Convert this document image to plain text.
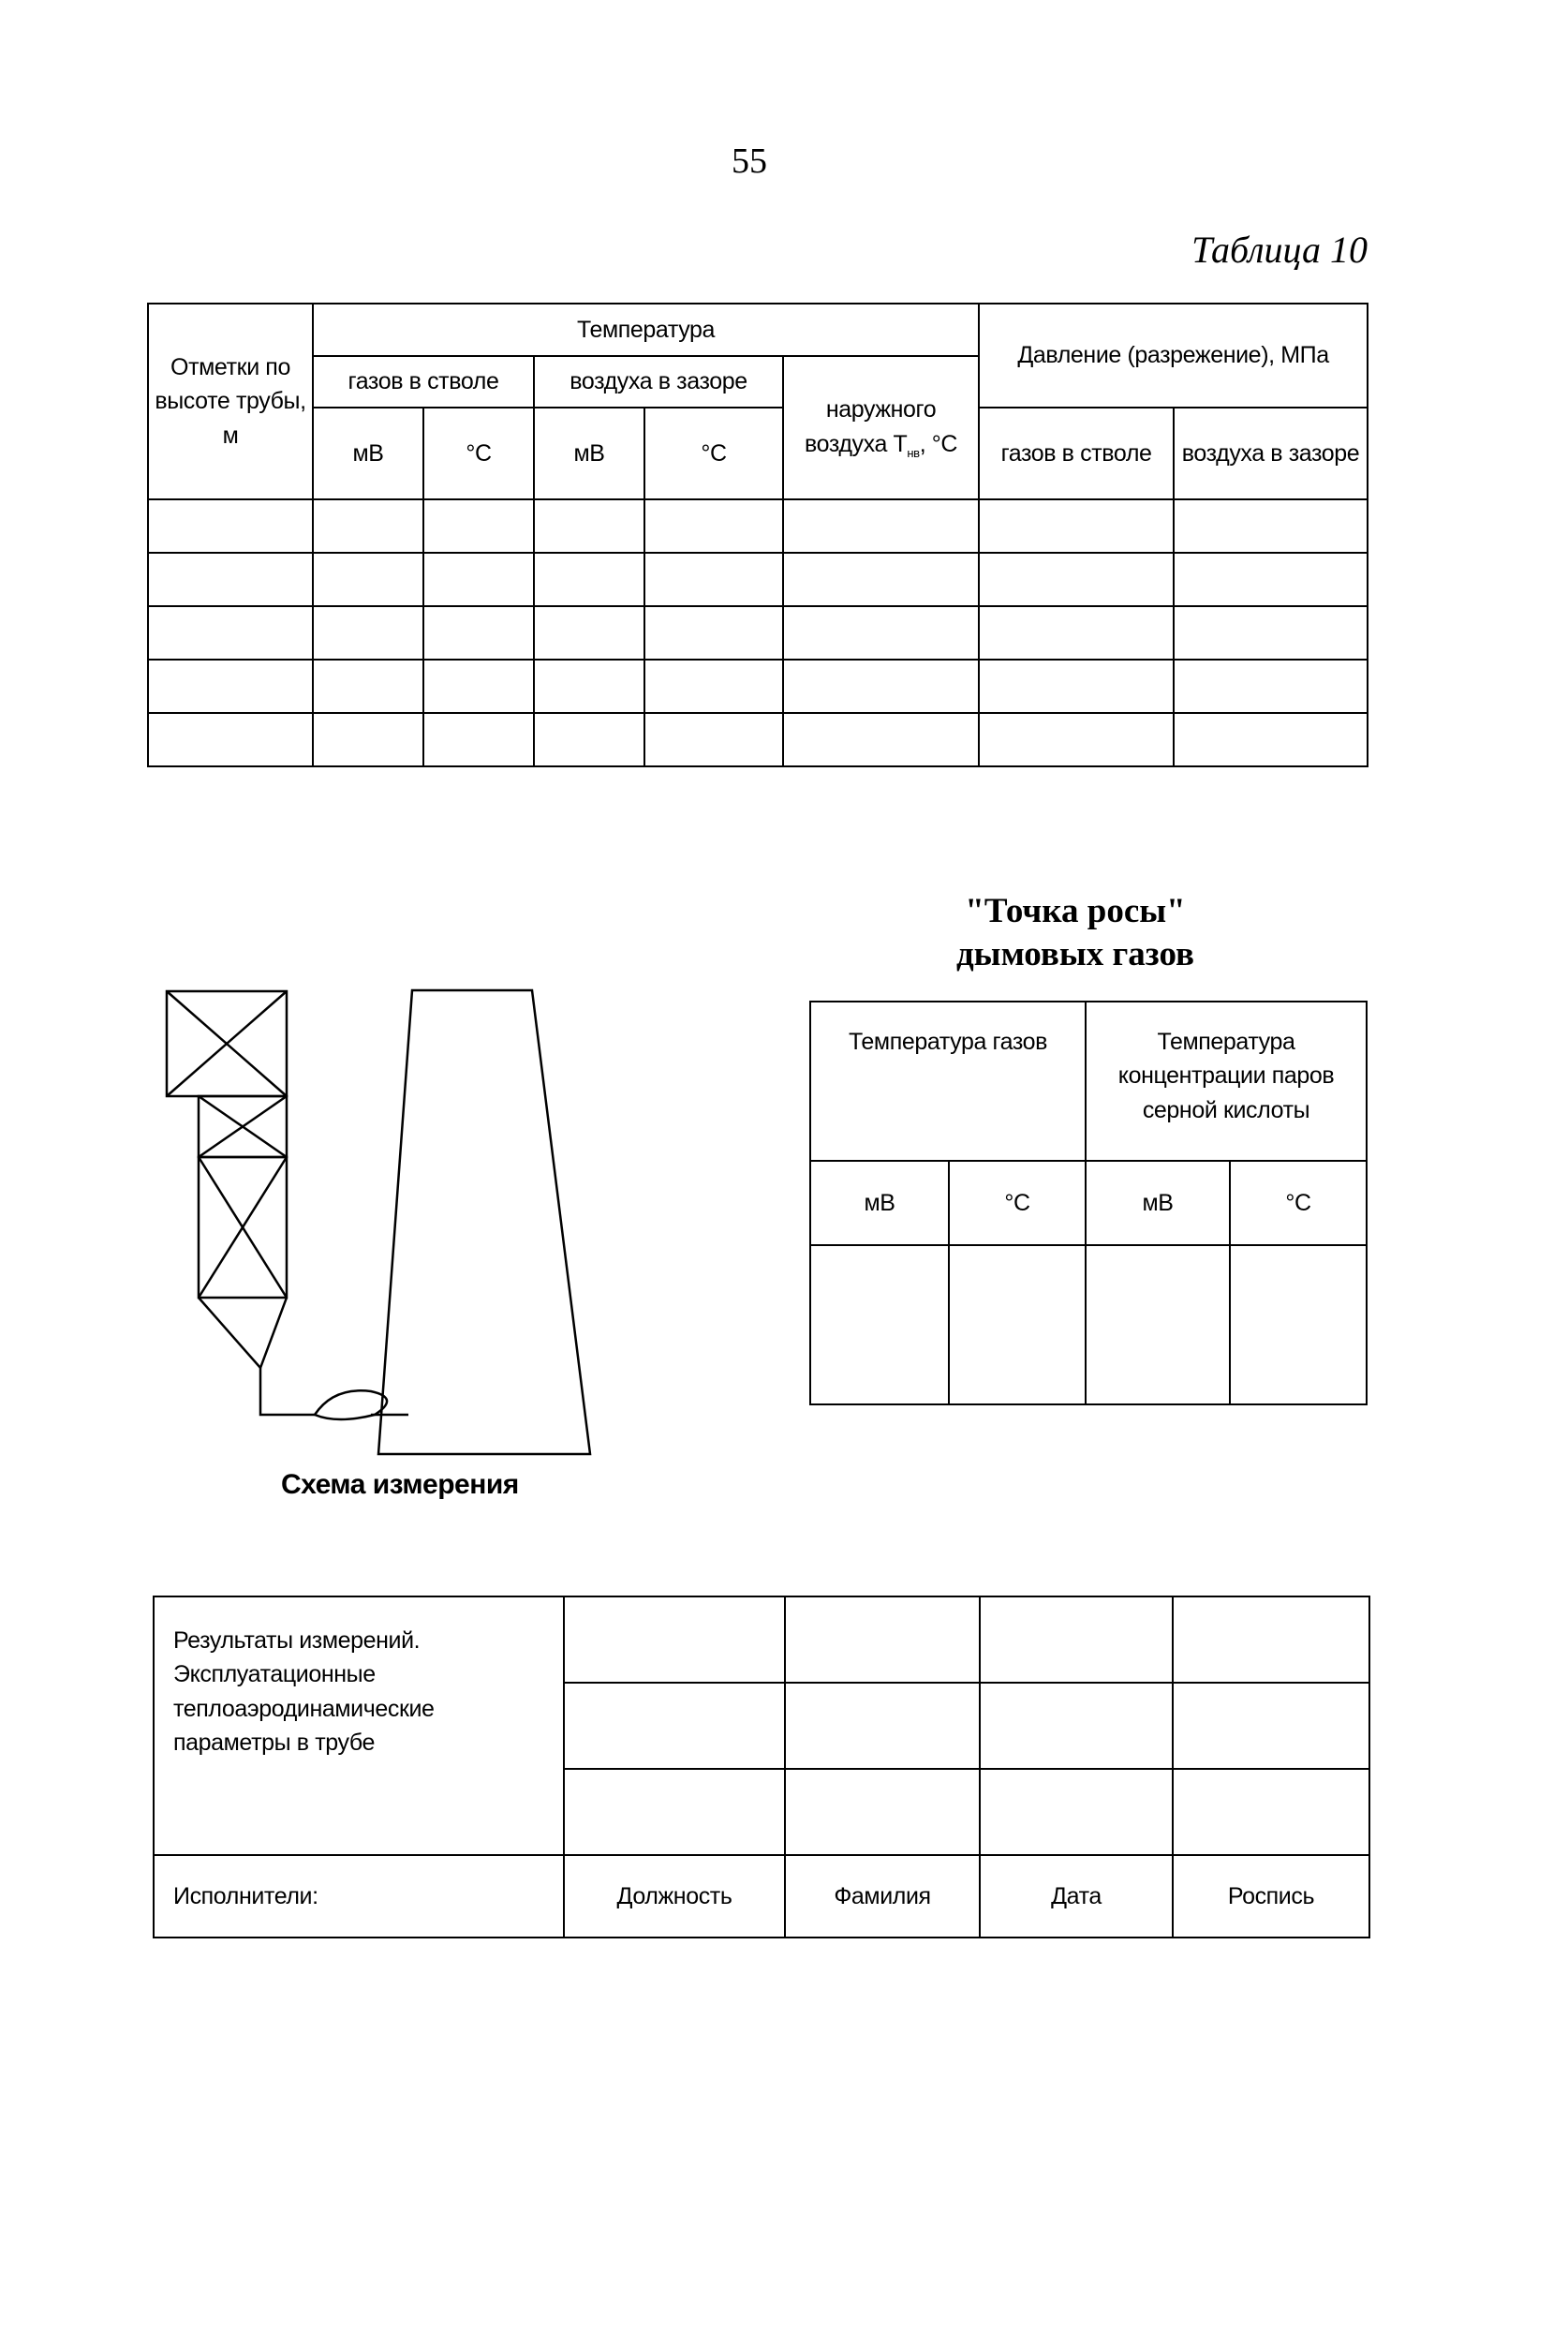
55
Таблица 10
Отметки по высоте трубы, м	Температура					Давление (разрежение), МПа	
	газов в стволе		воздуха в зазоре		наружного воздуха $T_{нв}$, °C		
	мВ	°C	мВ	°C		газов в стволе	воздуха в зазоре

"Точка росы"
дымовых газов
Температура газов		Температура концентрации паров серной кислоты	
мВ	°C	мВ	°C

Схема измерения
Результаты измерений. Эксплуатационные теплоаэродинамические параметры в трубе				

Исполнители:	Должность	Фамилия	Дата	Роспись
